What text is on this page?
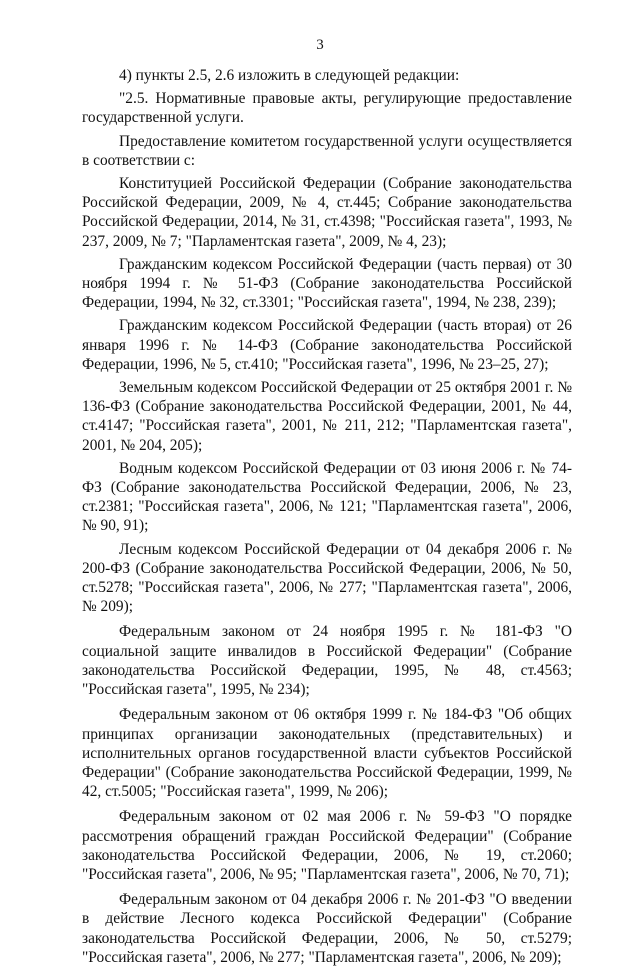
3

4) пункты 2.5, 2.6 изложить в следующей редакции:

"2.5. Нормативные правовые акты, регулирующие предоставление государственной услуги.

Предоставление комитетом государственной услуги осуществляется в соответствии с:

Конституцией Российской Федерации (Собрание законодательства Российской Федерации, 2009, № 4, ст.445; Собрание законодательства Российской Федерации, 2014, № 31, ст.4398; "Российская газета", 1993, № 237, 2009, № 7; "Парламентская газета", 2009, № 4, 23);

Гражданским кодексом Российской Федерации (часть первая) от 30 ноября 1994 г. № 51-ФЗ (Собрание законодательства Российской Федерации, 1994, № 32, ст.3301; "Российская газета", 1994, № 238, 239);

Гражданским кодексом Российской Федерации (часть вторая) от 26 января 1996 г. № 14-ФЗ (Собрание законодательства Российской Федерации, 1996, № 5, ст.410; "Российская газета", 1996, № 23–25, 27);

Земельным кодексом Российской Федерации от 25 октября 2001 г. № 136-ФЗ (Собрание законодательства Российской Федерации, 2001, № 44, ст.4147; "Российская газета", 2001, № 211, 212; "Парламентская газета", 2001, № 204, 205);

Водным кодексом Российской Федерации от 03 июня 2006 г. № 74-ФЗ (Собрание законодательства Российской Федерации, 2006, № 23, ст.2381; "Российская газета", 2006, № 121; "Парламентская газета", 2006, № 90, 91);

Лесным кодексом Российской Федерации от 04 декабря 2006 г. № 200-ФЗ (Собрание законодательства Российской Федерации, 2006, № 50, ст.5278; "Российская газета", 2006, № 277; "Парламентская газета", 2006, № 209);

Федеральным законом от 24 ноября 1995 г. № 181-ФЗ "О социальной защите инвалидов в Российской Федерации" (Собрание законодательства Российской Федерации, 1995, № 48, ст.4563; "Российская газета", 1995, № 234);

Федеральным законом от 06 октября 1999 г. № 184-ФЗ "Об общих принципах организации законодательных (представительных) и исполнительных органов государственной власти субъектов Российской Федерации" (Собрание законодательства Российской Федерации, 1999, № 42, ст.5005; "Российская газета", 1999, № 206);

Федеральным законом от 02 мая 2006 г. № 59-ФЗ "О порядке рассмотрения обращений граждан Российской Федерации" (Собрание законодательства Российской Федерации, 2006, № 19, ст.2060; "Российская газета", 2006, № 95; "Парламентская газета", 2006, № 70, 71);

Федеральным законом от 04 декабря 2006 г. № 201-ФЗ "О введении в действие Лесного кодекса Российской Федерации" (Собрание законодательства Российской Федерации, 2006, № 50, ст.5279; "Российская газета", 2006, № 277; "Парламентская газета", 2006, № 209);
